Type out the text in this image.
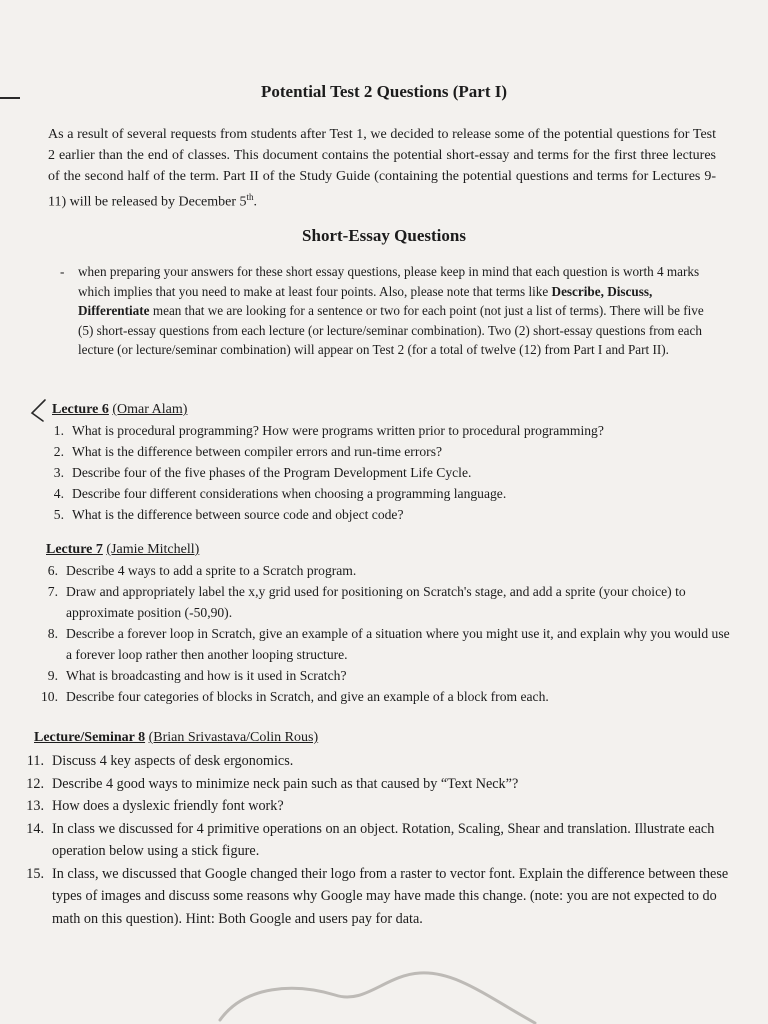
Potential Test 2 Questions (Part I)
As a result of several requests from students after Test 1, we decided to release some of the potential questions for Test 2 earlier than the end of classes. This document contains the potential short-essay and terms for the first three lectures of the second half of the term. Part II of the Study Guide (containing the potential questions and terms for Lectures 9-11) will be released by December 5th.
Short-Essay Questions
-	when preparing your answers for these short essay questions, please keep in mind that each question is worth 4 marks which implies that you need to make at least four points. Also, please note that terms like Describe, Discuss, Differentiate mean that we are looking for a sentence or two for each point (not just a list of terms). There will be five (5) short-essay questions from each lecture (or lecture/seminar combination). Two (2) short-essay questions from each lecture (or lecture/seminar combination) will appear on Test 2 (for a total of twelve (12) from Part I and Part II).

Lecture 6 (Omar Alam)
1. What is procedural programming? How were programs written prior to procedural programming?
2. What is the difference between compiler errors and run-time errors?
3. Describe four of the five phases of the Program Development Life Cycle.
4. Describe four different considerations when choosing a programming language.
5. What is the difference between source code and object code?
Lecture 7 (Jamie Mitchell)
6. Describe 4 ways to add a sprite to a Scratch program.
7. Draw and appropriately label the x,y grid used for positioning on Scratch's stage, and add a sprite (your choice) to approximate position (-50,90).
8. Describe a forever loop in Scratch, give an example of a situation where you might use it, and explain why you would use a forever loop rather then another looping structure.
9. What is broadcasting and how is it used in Scratch?
10. Describe four categories of blocks in Scratch, and give an example of a block from each.
Lecture/Seminar 8 (Brian Srivastava/Colin Rous)
11. Discuss 4 key aspects of desk ergonomics.
12. Describe 4 good ways to minimize neck pain such as that caused by “Text Neck”?
13. How does a dyslexic friendly font work?
14. In class we discussed for 4 primitive operations on an object. Rotation, Scaling, Shear and translation. Illustrate each operation below using a stick figure.
15. In class, we discussed that Google changed their logo from a raster to vector font. Explain the difference between these types of images and discuss some reasons why Google may have made this change. (note: you are not expected to do math on this question). Hint: Both Google and users pay for data.
